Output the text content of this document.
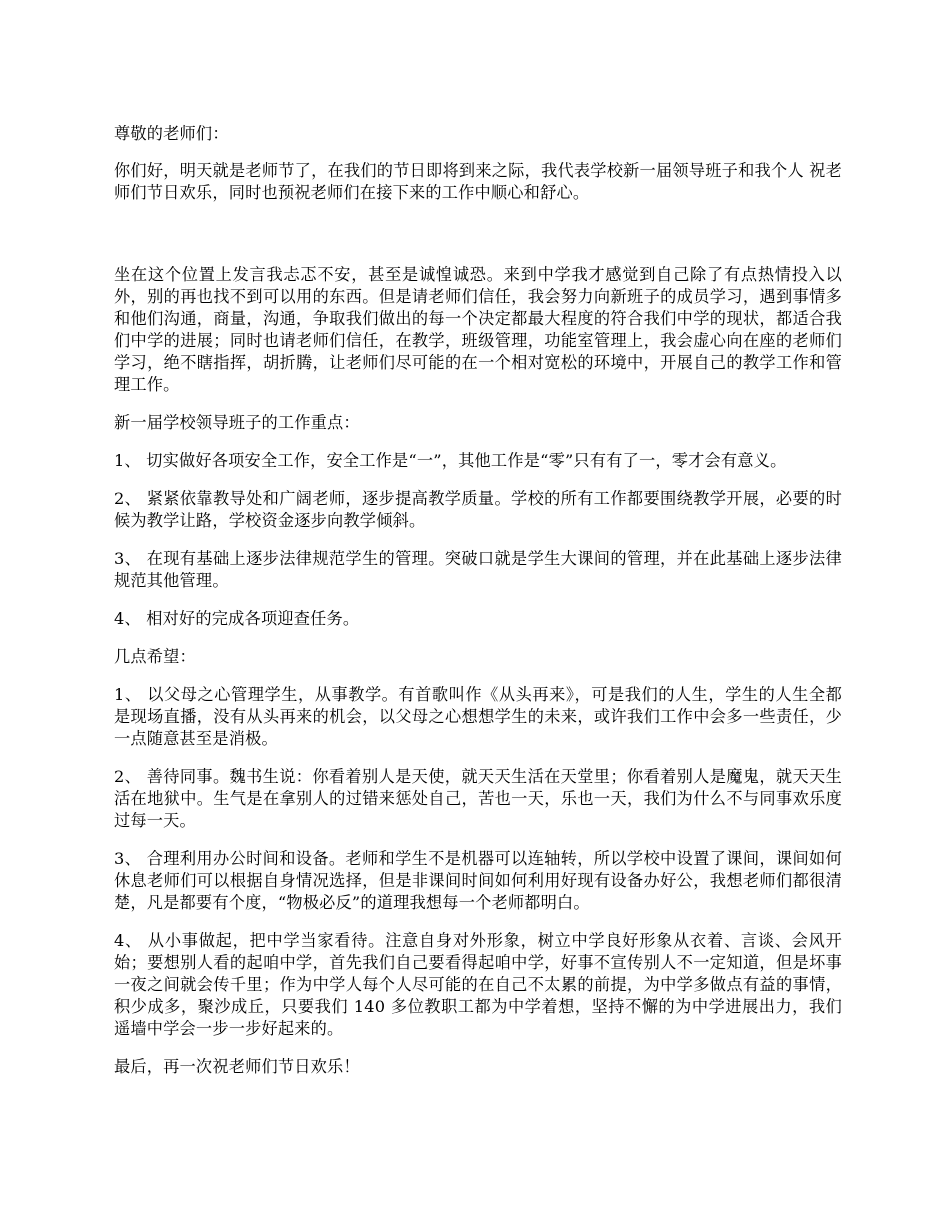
尊敬的老师们：

你们好，明天就是老师节了，在我们的节日即将到来之际，我代表学校新一届领导班子和我个人 祝老师们节日欢乐，同时也预祝老师们在接下来的工作中顺心和舒心。

坐在这个位置上发言我忐忑不安，甚至是诚惶诚恐。来到中学我才感觉到自己除了有点热情投入以外，别的再也找不到可以用的东西。但是请老师们信任，我会努力向新班子的成员学习，遇到事情多和他们沟通，商量，沟通，争取我们做出的每一个决定都最大程度的符合我们中学的现状，都适合我们中学的进展；同时也请老师们信任，在教学，班级管理，功能室管理上，我会虚心向在座的老师们学习，绝不瞎指挥，胡折腾，让老师们尽可能的在一个相对宽松的环境中，开展自己的教学工作和管理工作。

新一届学校领导班子的工作重点：

1、 切实做好各项安全工作，安全工作是“一”，其他工作是“零”只有有了一，零才会有意义。

2、 紧紧依靠教导处和广阔老师，逐步提高教学质量。学校的所有工作都要围绕教学开展，必要的时候为教学让路，学校资金逐步向教学倾斜。

3、 在现有基础上逐步法律规范学生的管理。突破口就是学生大课间的管理，并在此基础上逐步法律规范其他管理。

4、 相对好的完成各项迎查任务。

几点希望：

1、 以父母之心管理学生，从事教学。有首歌叫作《从头再来》，可是我们的人生，学生的人生全都是现场直播，没有从头再来的机会，以父母之心想想学生的未来，或许我们工作中会多一些责任，少一点随意甚至是消极。

2、 善待同事。魏书生说：你看着别人是天使，就天天生活在天堂里；你看着别人是魔鬼，就天天生活在地狱中。生气是在拿别人的过错来惩处自己，苦也一天，乐也一天，我们为什么不与同事欢乐度过每一天。

3、 合理利用办公时间和设备。老师和学生不是机器可以连轴转，所以学校中设置了课间，课间如何休息老师们可以根据自身情况选择，但是非课间时间如何利用好现有设备办好公，我想老师们都很清楚，凡是都要有个度，“物极必反”的道理我想每一个老师都明白。

4、 从小事做起，把中学当家看待。注意自身对外形象，树立中学良好形象从衣着、言谈、会风开始；要想别人看的起咱中学，首先我们自己要看得起咱中学，好事不宣传别人不一定知道，但是坏事一夜之间就会传千里；作为中学人每个人尽可能的在自己不太累的前提，为中学多做点有益的事情，积少成多，聚沙成丘，只要我们 140 多位教职工都为中学着想，坚持不懈的为中学进展出力，我们遥墙中学会一步一步好起来的。

最后，再一次祝老师们节日欢乐！
